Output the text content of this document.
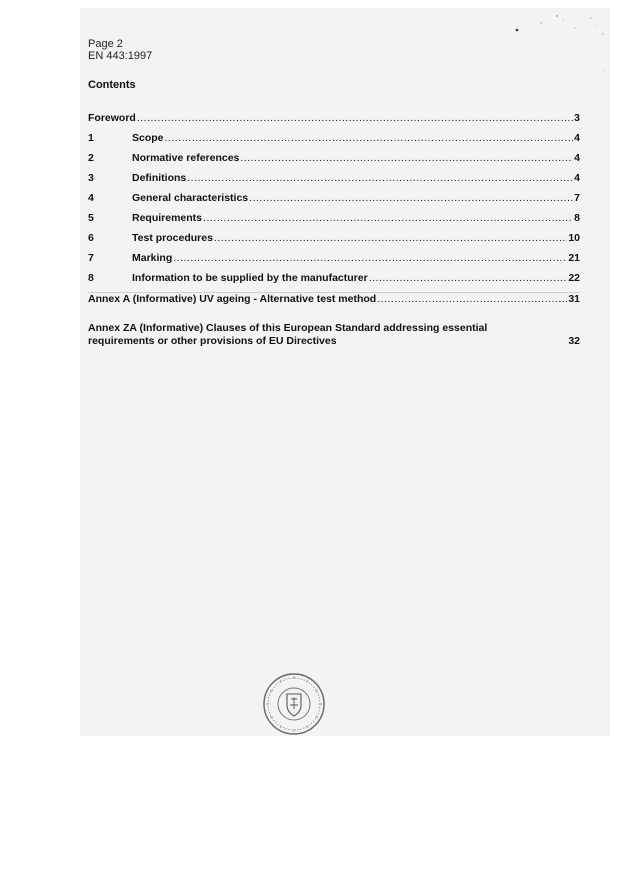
Page 2
EN 443:1997
Contents
Foreword .....	3
1	Scope .....	4
2	Normative references .....	4
3	Definitions .....	4
4	General characteristics .....	7
5	Requirements .....	8
6	Test procedures .....	10
7	Marking .....	21
8	Information to be supplied by the manufacturer .....	22
Annex A (Informative) UV ageing - Alternative test method .....	31
Annex ZA (Informative) Clauses of this European Standard addressing essential
requirements or other provisions of EU Directives	32
